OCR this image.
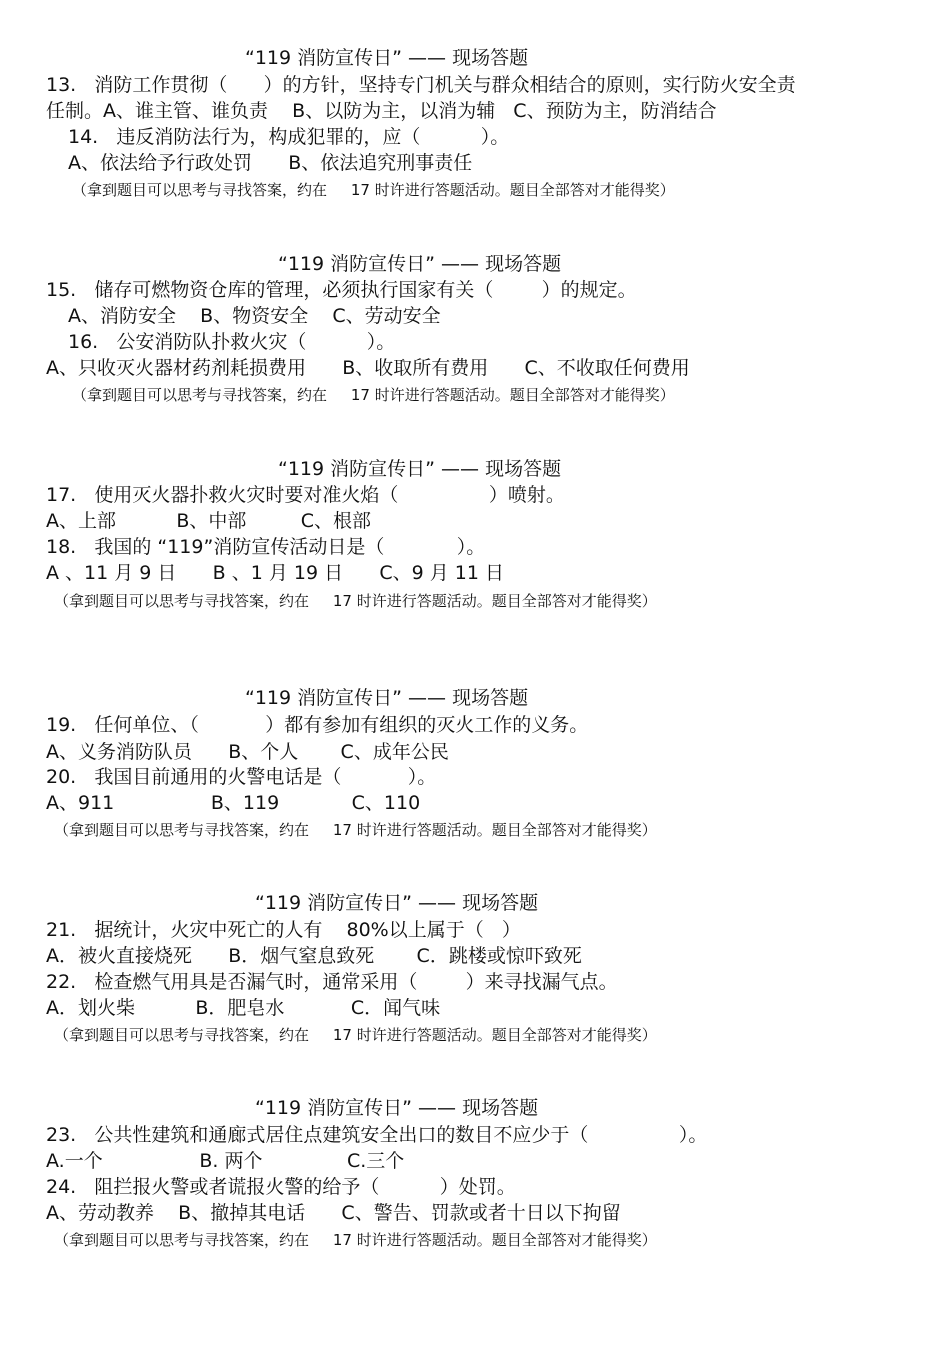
“119 消防宣传日” —— 现场答题
13.   消防工作贯彻（      ）的方针，坚持专门机关与群众相结合的原则，实行防火安全责
任制。A、谁主管、谁负责    B、以防为主，以消为辅   C、预防为主，防消结合
14.   违反消防法行为，构成犯罪的，应（          ）。
A、依法给予行政处罚      B、依法追究刑事责任
（拿到题目可以思考与寻找答案，约在     17 时许进行答题活动。题目全部答对才能得奖）
“119 消防宣传日” —— 现场答题
15.   储存可燃物资仓库的管理，必须执行国家有关（        ）的规定。
A、消防安全    B、物资安全    C、劳动安全
16.   公安消防队扑救火灾（          ）。
A、只收灭火器材药剂耗损费用      B、收取所有费用      C、不收取任何费用
（拿到题目可以思考与寻找答案，约在     17 时许进行答题活动。题目全部答对才能得奖）
“119 消防宣传日” —— 现场答题
17.   使用灭火器扑救火灾时要对准火焰（               ）喷射。
A、上部          B、中部         C、根部
18.   我国的 “119”消防宣传活动日是（            ）。
A 、11 月 9 日      B 、1 月 19 日      C、9 月 11 日
（拿到题目可以思考与寻找答案，约在     17 时许进行答题活动。题目全部答对才能得奖）
“119 消防宣传日” —— 现场答题
19.   任何单位、（           ）都有参加有组织的灭火工作的义务。
A、义务消防队员      B、个人       C、成年公民
20.   我国目前通用的火警电话是（           ）。
A、911                B、119            C、110
（拿到题目可以思考与寻找答案，约在     17 时许进行答题活动。题目全部答对才能得奖）
“119 消防宣传日” —— 现场答题
21.   据统计，火灾中死亡的人有    80%以上属于（   ）
A．被火直接烧死      B．烟气窒息致死       C．跳楼或惊吓致死
22.   检查燃气用具是否漏气时，通常采用（        ）来寻找漏气点。
A．划火柴          B．肥皂水           C．闻气味
（拿到题目可以思考与寻找答案，约在     17 时许进行答题活动。题目全部答对才能得奖）
“119 消防宣传日” —— 现场答题
23.   公共性建筑和通廊式居住点建筑安全出口的数目不应少于（               ）。
A.一个                B. 两个              C.三个
24.   阻拦报火警或者谎报火警的给予（          ）处罚。
A、劳动教养    B、撤掉其电话      C、警告、罚款或者十日以下拘留
（拿到题目可以思考与寻找答案，约在     17 时许进行答题活动。题目全部答对才能得奖）
